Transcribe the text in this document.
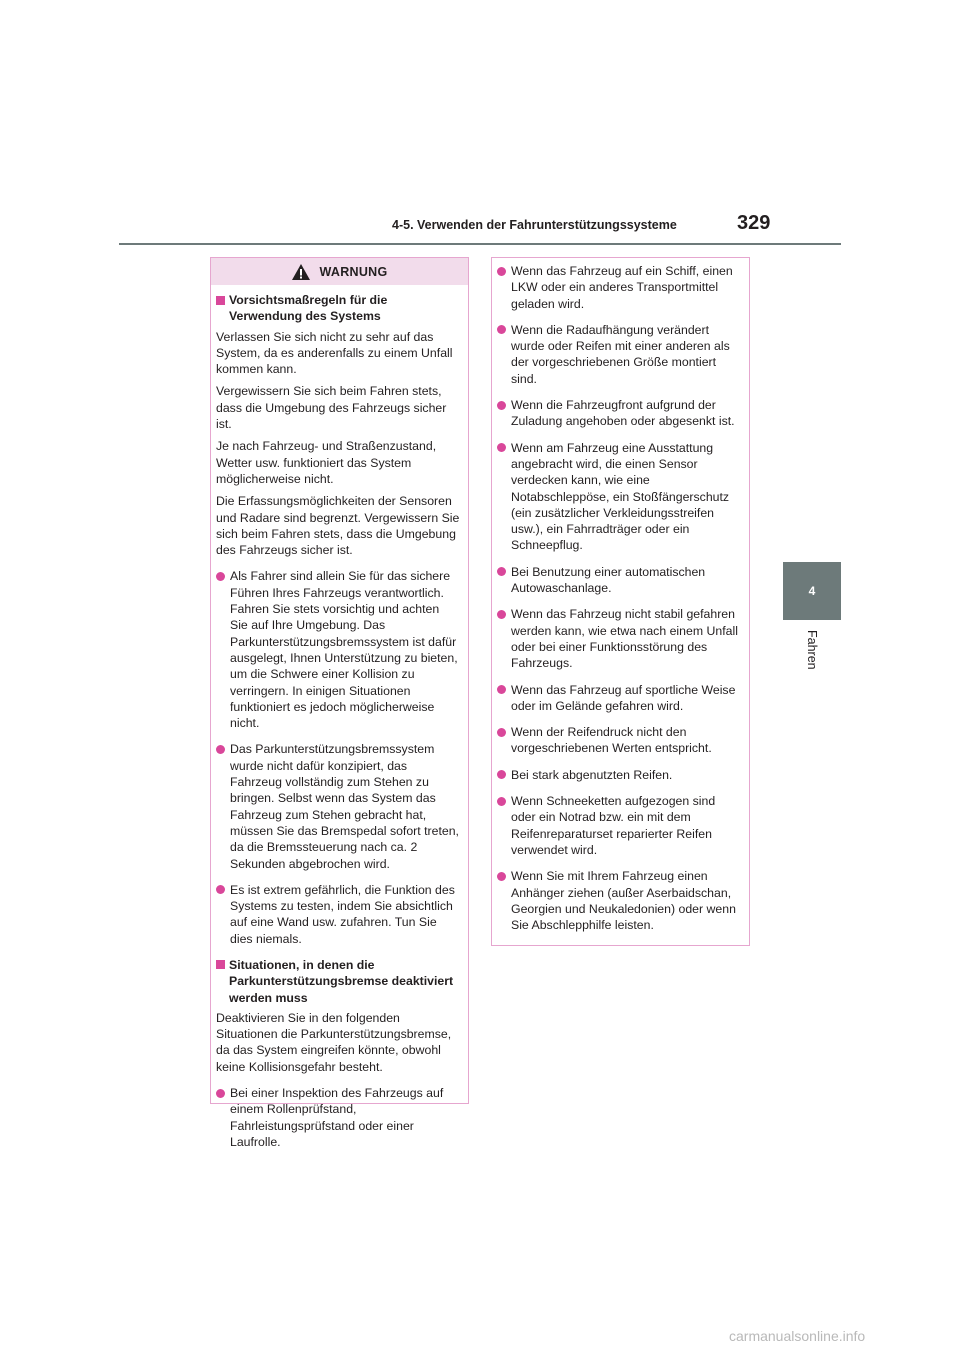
4-5. Verwenden der Fahrunterstützungssysteme	329
4
Fahren
WARNUNG
Vorsichtsmaßregeln für die Verwendung des Systems

Verlassen Sie sich nicht zu sehr auf das System, da es anderenfalls zu einem Unfall kommen kann.

Vergewissern Sie sich beim Fahren stets, dass die Umgebung des Fahrzeugs sicher ist.

Je nach Fahrzeug- und Straßenzustand, Wetter usw. funktioniert das System möglicherweise nicht.

Die Erfassungsmöglichkeiten der Sensoren und Radare sind begrenzt. Vergewissern Sie sich beim Fahren stets, dass die Umgebung des Fahrzeugs sicher ist.

Als Fahrer sind allein Sie für das sichere Führen Ihres Fahrzeugs verantwortlich. Fahren Sie stets vorsichtig und achten Sie auf Ihre Umgebung. Das Parkunterstützungsbremssystem ist dafür ausgelegt, Ihnen Unterstützung zu bieten, um die Schwere einer Kollision zu verringern. In einigen Situationen funktioniert es jedoch möglicherweise nicht.
Das Parkunterstützungsbremssystem wurde nicht dafür konzipiert, das Fahrzeug vollständig zum Stehen zu bringen. Selbst wenn das System das Fahrzeug zum Stehen gebracht hat, müssen Sie das Bremspedal sofort treten, da die Bremssteuerung nach ca. 2 Sekunden abgebrochen wird.
Es ist extrem gefährlich, die Funktion des Systems zu testen, indem Sie absichtlich auf eine Wand usw. zufahren. Tun Sie dies niemals.
Situationen, in denen die Parkunterstützungsbremse deaktiviert werden muss

Deaktivieren Sie in den folgenden Situationen die Parkunterstützungsbremse, da das System eingreifen könnte, obwohl keine Kollisionsgefahr besteht.

Bei einer Inspektion des Fahrzeugs auf einem Rollenprüfstand, Fahrleistungsprüfstand oder einer Laufrolle.
Wenn das Fahrzeug auf ein Schiff, einen LKW oder ein anderes Transportmittel geladen wird.
Wenn die Radaufhängung verändert wurde oder Reifen mit einer anderen als der vorgeschriebenen Größe montiert sind.
Wenn die Fahrzeugfront aufgrund der Zuladung angehoben oder abgesenkt ist.
Wenn am Fahrzeug eine Ausstattung angebracht wird, die einen Sensor verdecken kann, wie eine Notabschleppöse, ein Stoßfängerschutz (ein zusätzlicher Verkleidungsstreifen usw.), ein Fahrradträger oder ein Schneepflug.
Bei Benutzung einer automatischen Autowaschanlage.
Wenn das Fahrzeug nicht stabil gefahren werden kann, wie etwa nach einem Unfall oder bei einer Funktionsstörung des Fahrzeugs.
Wenn das Fahrzeug auf sportliche Weise oder im Gelände gefahren wird.
Wenn der Reifendruck nicht den vorgeschriebenen Werten entspricht.
Bei stark abgenutzten Reifen.
Wenn Schneeketten aufgezogen sind oder ein Notrad bzw. ein mit dem Reifenreparaturset reparierter Reifen verwendet wird.
Wenn Sie mit Ihrem Fahrzeug einen Anhänger ziehen (außer Aserbaidschan, Georgien und Neukaledonien) oder wenn Sie Abschlepphilfe leisten.
carmanualsonline.info
